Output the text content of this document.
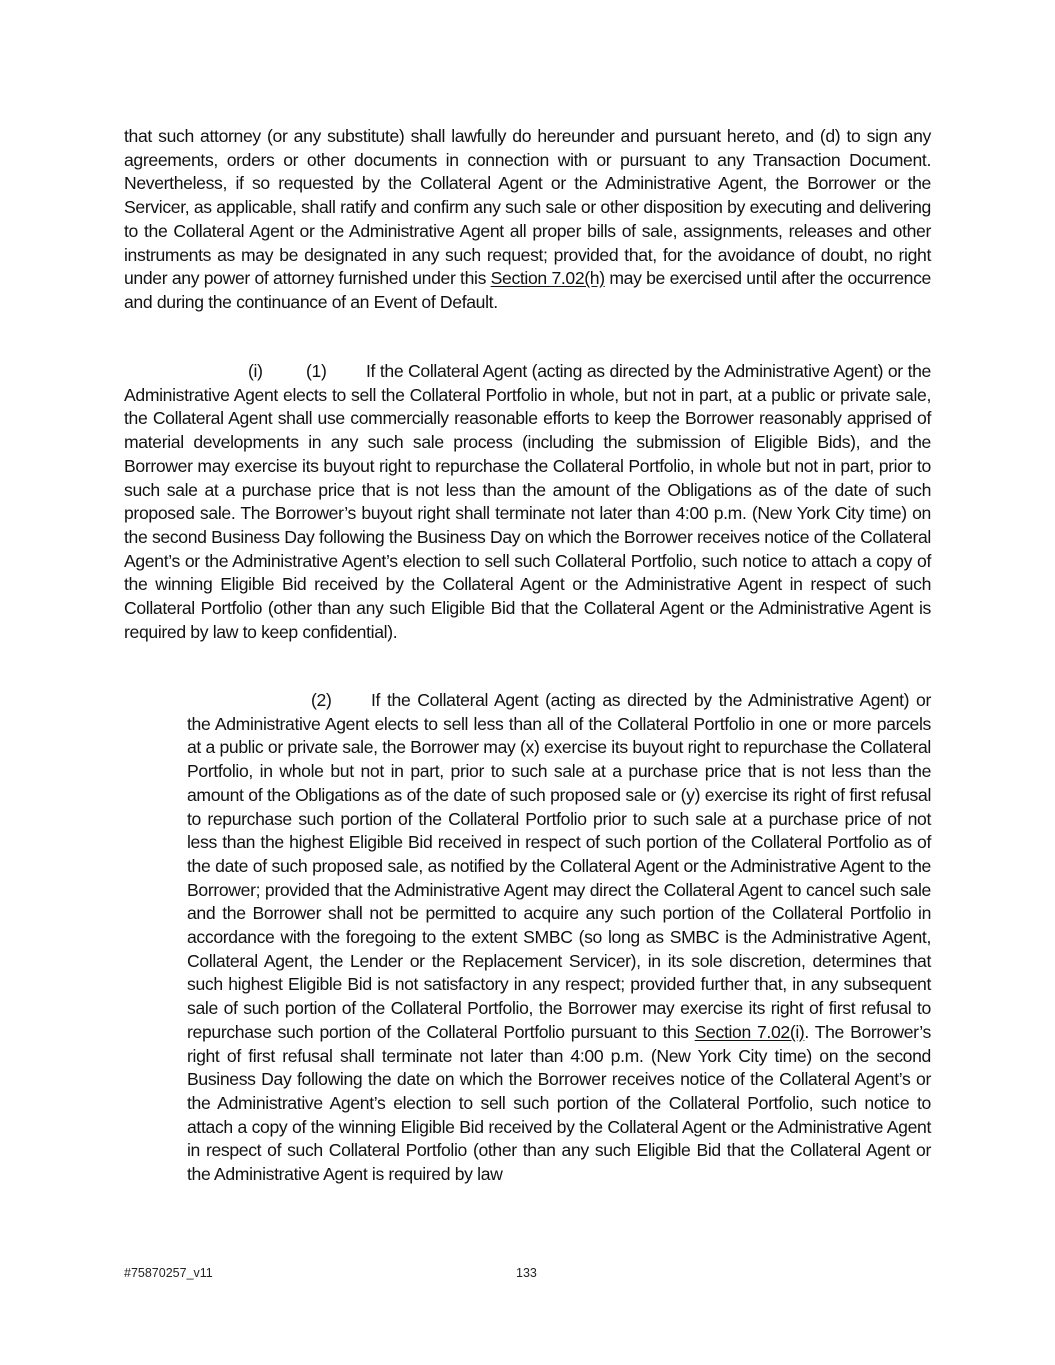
that such attorney (or any substitute) shall lawfully do hereunder and pursuant hereto, and (d) to sign any agreements, orders or other documents in connection with or pursuant to any Transaction Document. Nevertheless, if so requested by the Collateral Agent or the Administrative Agent, the Borrower or the Servicer, as applicable, shall ratify and confirm any such sale or other disposition by executing and delivering to the Collateral Agent or the Administrative Agent all proper bills of sale, assignments, releases and other instruments as may be designated in any such request; provided that, for the avoidance of doubt, no right under any power of attorney furnished under this Section 7.02(h) may be exercised until after the occurrence and during the continuance of an Event of Default.
(i) (1) If the Collateral Agent (acting as directed by the Administrative Agent) or the Administrative Agent elects to sell the Collateral Portfolio in whole, but not in part, at a public or private sale, the Collateral Agent shall use commercially reasonable efforts to keep the Borrower reasonably apprised of material developments in any such sale process (including the submission of Eligible Bids), and the Borrower may exercise its buyout right to repurchase the Collateral Portfolio, in whole but not in part, prior to such sale at a purchase price that is not less than the amount of the Obligations as of the date of such proposed sale. The Borrower’s buyout right shall terminate not later than 4:00 p.m. (New York City time) on the second Business Day following the Business Day on which the Borrower receives notice of the Collateral Agent’s or the Administrative Agent’s election to sell such Collateral Portfolio, such notice to attach a copy of the winning Eligible Bid received by the Collateral Agent or the Administrative Agent in respect of such Collateral Portfolio (other than any such Eligible Bid that the Collateral Agent or the Administrative Agent is required by law to keep confidential).
(2) If the Collateral Agent (acting as directed by the Administrative Agent) or the Administrative Agent elects to sell less than all of the Collateral Portfolio in one or more parcels at a public or private sale, the Borrower may (x) exercise its buyout right to repurchase the Collateral Portfolio, in whole but not in part, prior to such sale at a purchase price that is not less than the amount of the Obligations as of the date of such proposed sale or (y) exercise its right of first refusal to repurchase such portion of the Collateral Portfolio prior to such sale at a purchase price of not less than the highest Eligible Bid received in respect of such portion of the Collateral Portfolio as of the date of such proposed sale, as notified by the Collateral Agent or the Administrative Agent to the Borrower; provided that the Administrative Agent may direct the Collateral Agent to cancel such sale and the Borrower shall not be permitted to acquire any such portion of the Collateral Portfolio in accordance with the foregoing to the extent SMBC (so long as SMBC is the Administrative Agent, Collateral Agent, the Lender or the Replacement Servicer), in its sole discretion, determines that such highest Eligible Bid is not satisfactory in any respect; provided further that, in any subsequent sale of such portion of the Collateral Portfolio, the Borrower may exercise its right of first refusal to repurchase such portion of the Collateral Portfolio pursuant to this Section 7.02(i). The Borrower’s right of first refusal shall terminate not later than 4:00 p.m. (New York City time) on the second Business Day following the date on which the Borrower receives notice of the Collateral Agent’s or the Administrative Agent’s election to sell such portion of the Collateral Portfolio, such notice to attach a copy of the winning Eligible Bid received by the Collateral Agent or the Administrative Agent in respect of such Collateral Portfolio (other than any such Eligible Bid that the Collateral Agent or the Administrative Agent is required by law
#75870257_v11	133
